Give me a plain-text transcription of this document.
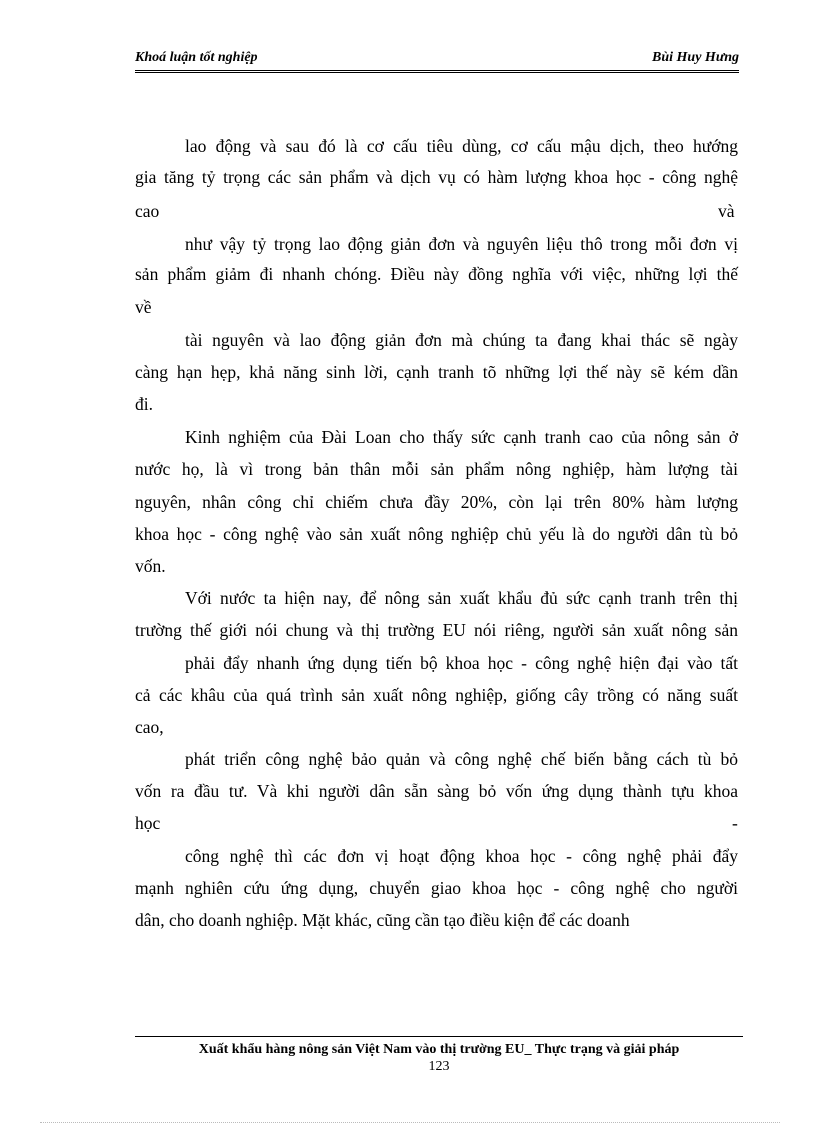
Khoá luận tốt nghiệp	Bùi Huy Hưng
lao động và sau đó là cơ cấu tiêu dùng, cơ cấu mậu dịch, theo hướng
gia tăng tỷ trọng các sản phẩm và dịch vụ có hàm lượng khoa học - công nghệ
cao	và
như vậy tỷ trọng lao động giản đơn và nguyên liệu thô trong mỗi đơn vị
sản phẩm giảm đi nhanh chóng. Điều này đồng nghĩa với việc, những lợi thế
về
tài nguyên và lao động giản đơn mà chúng ta đang khai thác sẽ ngày
càng hạn hẹp, khả năng sinh lời, cạnh tranh tõ những lợi thế này sẽ kém dần
đi.
Kinh nghiệm của Đài Loan cho thấy sức cạnh tranh cao của nông sản ở
nước họ, là vì trong bản thân mỗi sản phẩm nông nghiệp, hàm lượng tài
nguyên, nhân công chỉ chiếm chưa đầy 20%, còn lại trên 80% hàm lượng
khoa học - công nghệ vào sản xuất nông nghiệp chủ yếu là do người dân tù bỏ
vốn.
Với nước ta hiện nay, để nông sản xuất khẩu đủ sức cạnh tranh trên thị
trường thế giới nói chung và thị trường EU nói riêng, người sản xuất nông sản
phải đẩy nhanh ứng dụng tiến bộ khoa học - công nghệ hiện đại vào tất
cả các khâu của quá trình sản xuất nông nghiệp, giống cây trồng có năng suất
cao,
phát triển công nghệ bảo quản và công nghệ chế biến bằng cách tù bỏ
vốn ra đầu tư. Và khi người dân sẵn sàng bỏ vốn ứng dụng thành tựu khoa
học	-
công nghệ thì các đơn vị hoạt động khoa học - công nghệ phải đẩy
mạnh nghiên cứu ứng dụng, chuyển giao khoa học - công nghệ cho người
dân, cho doanh nghiệp. Mặt khác, cũng cần tạo điều kiện để các doanh
Xuất khẩu hàng nông sản Việt Nam vào thị trường EU_ Thực trạng và giải pháp
123
